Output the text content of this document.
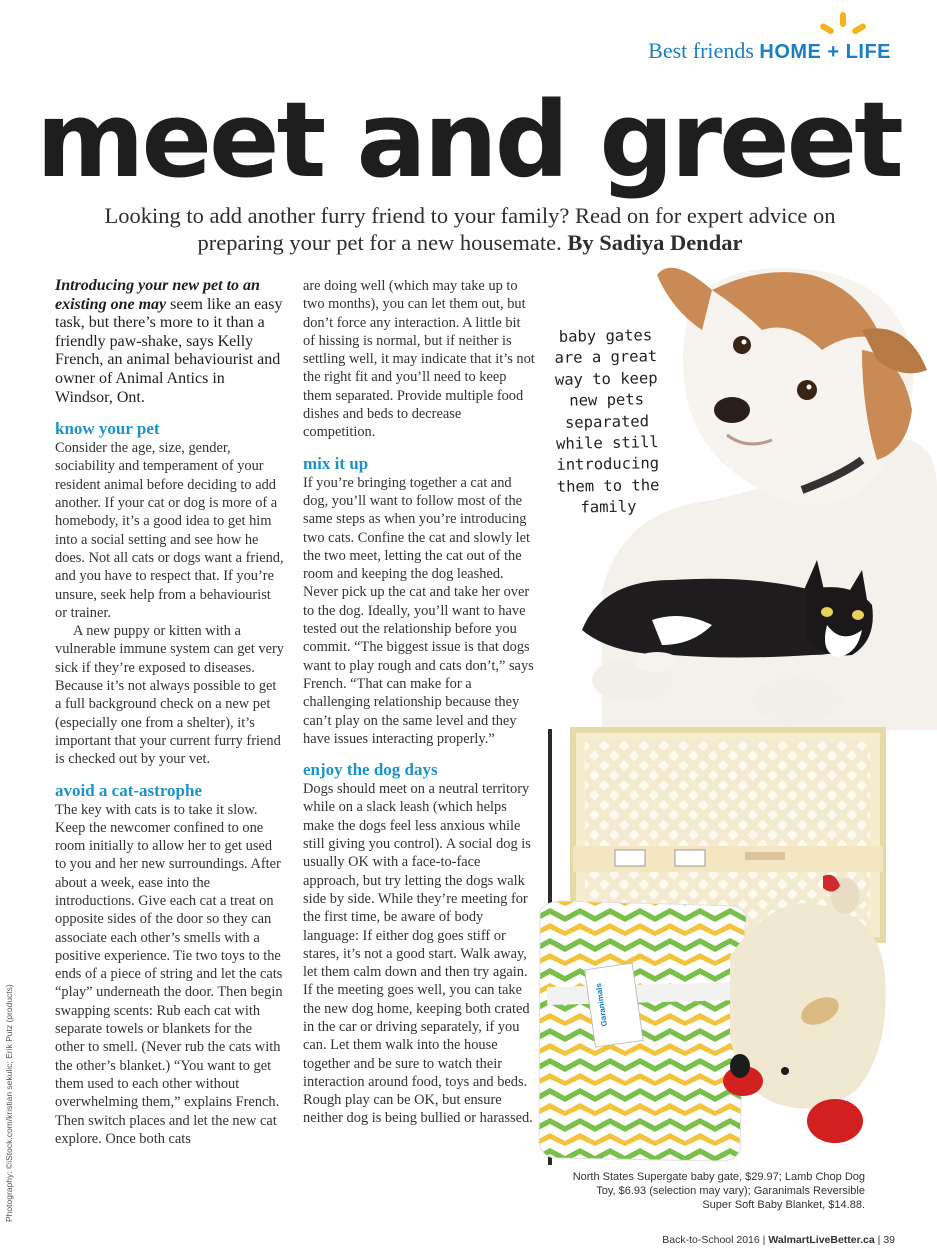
Best friends HOME + LIFE
meet and greet
Looking to add another furry friend to your family? Read on for expert advice on preparing your pet for a new housemate. By Sadiya Dendar

Introducing your new pet to an existing one may seem like an easy task, but there’s more to it than a friendly paw-shake, says Kelly French, an animal behaviourist and owner of Animal Antics in Windsor, Ont.

know your pet

Consider the age, size, gender, sociability and temperament of your resident animal before deciding to add another. If your cat or dog is more of a homebody, it’s a good idea to get him into a social setting and see how he does. Not all cats or dogs want a friend, and you have to respect that. If you’re unsure, seek help from a behaviourist or trainer.

A new puppy or kitten with a vulnerable immune system can get very sick if they’re exposed to diseases. Because it’s not always possible to get a full background check on a new pet (especially one from a shelter), it’s important that your current furry friend is checked out by your vet.

avoid a cat-astrophe

The key with cats is to take it slow. Keep the newcomer confined to one room initially to allow her to get used to you and her new surroundings. After about a week, ease into the introductions. Give each cat a treat on opposite sides of the door so they can associate each other’s smells with a positive experience. Tie two toys to the ends of a piece of string and let the cats “play” underneath the door. Then begin swapping scents: Rub each cat with separate towels or blankets for the other to smell. (Never rub the cats with the other’s blanket.) “You want to get them used to each other without overwhelming them,” explains French. Then switch places and let the new cat explore. Once both cats

are doing well (which may take up to two months), you can let them out, but don’t force any interaction. A little bit of hissing is normal, but if neither is settling well, it may indicate that it’s not the right fit and you’ll need to keep them separated. Provide multiple food dishes and beds to decrease competition.

mix it up

If you’re bringing together a cat and dog, you’ll want to follow most of the same steps as when you’re introducing two cats. Confine the cat and slowly let the two meet, letting the cat out of the room and keeping the dog leashed. Never pick up the cat and take her over to the dog. Ideally, you’ll want to have tested out the relationship before you commit. “The biggest issue is that dogs want to play rough and cats don’t,” says French. “That can make for a challenging relationship because they can’t play on the same level and they have issues interacting properly.”

enjoy the dog days

Dogs should meet on a neutral territory while on a slack leash (which helps make the dogs feel less anxious while still giving you control). A social dog is usually OK with a face-to-face approach, but try letting the dogs walk side by side. While they’re meeting for the first time, be aware of body language: If either dog goes stiff or stares, it’s not a good start. Walk away, let them calm down and then try again. If the meeting goes well, you can take the new dog home, keeping both crated in the car or driving separately, if you can. Let them walk into the house together and be sure to watch their interaction around food, toys and beds. Rough play can be OK, but ensure neither dog is being bullied or harassed.

baby gates are a great way to keep new pets separated while still introducing them to the family
Garanimals
North States Supergate baby gate, $29.97; Lamb Chop Dog Toy, $6.93 (selection may vary); Garanimals Reversible Super Soft Baby Blanket, $14.88.
Photography: ©iStock.com/kristian sekulic; Erik Putz (products)
Back-to-School 2016 | WalmartLiveBetter.ca | 39
